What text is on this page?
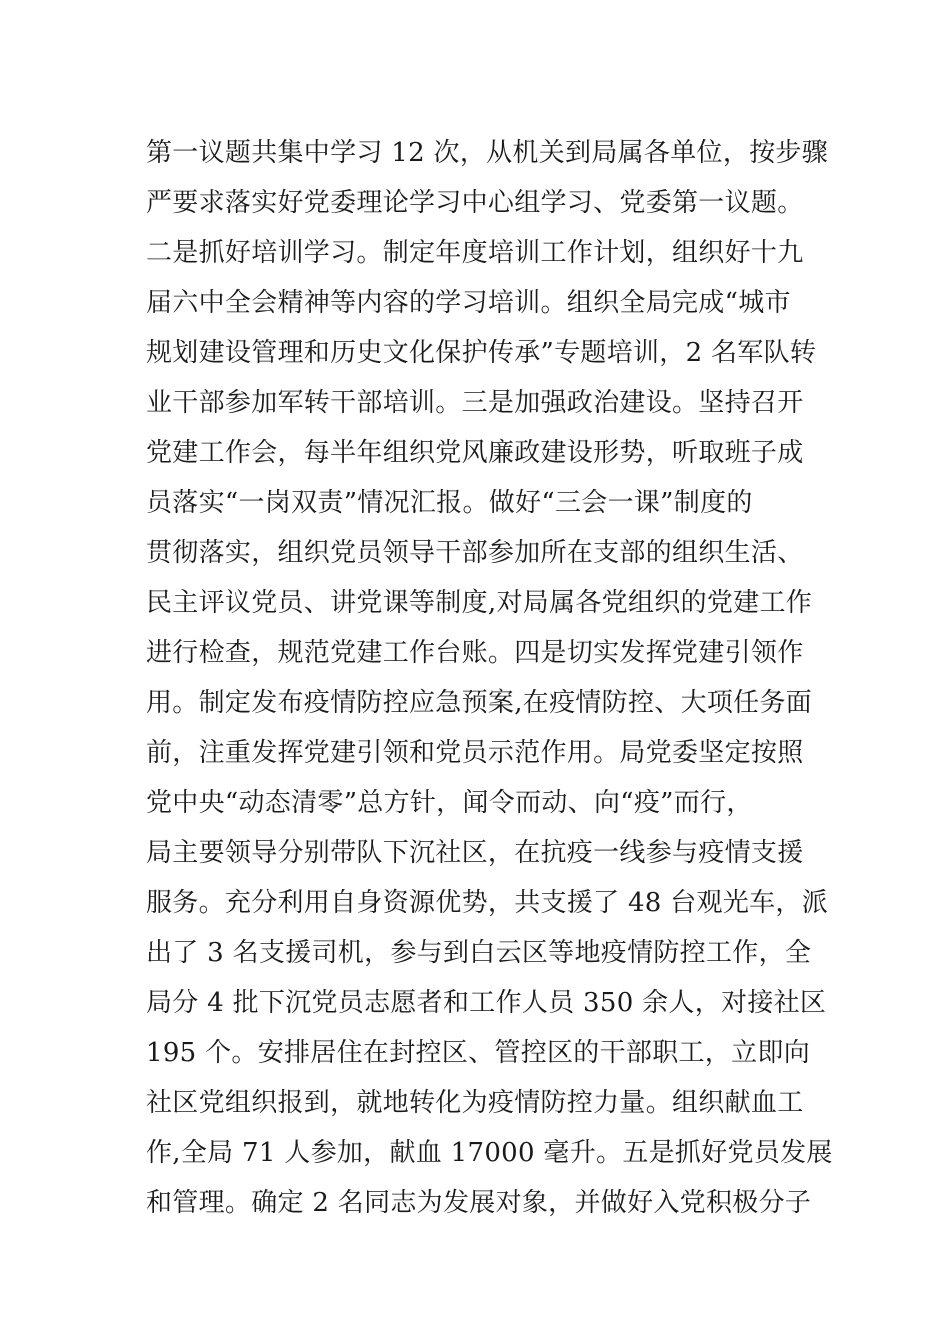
第一议题共集中学习 12 次，从机关到局属各单位，按步骤
严要求落实好党委理论学习中心组学习、党委第一议题。
二是抓好培训学习。制定年度培训工作计划，组织好十九
届六中全会精神等内容的学习培训。组织全局完成“城市
规划建设管理和历史文化保护传承”专题培训，2 名军队转
业干部参加军转干部培训。三是加强政治建设。坚持召开
党建工作会，每半年组织党风廉政建设形势，听取班子成
员落实“一岗双责”情况汇报。做好“三会一课”制度的
贯彻落实，组织党员领导干部参加所在支部的组织生活、
民主评议党员、讲党课等制度,对局属各党组织的党建工作
进行检查，规范党建工作台账。四是切实发挥党建引领作
用。制定发布疫情防控应急预案,在疫情防控、大项任务面
前，注重发挥党建引领和党员示范作用。局党委坚定按照
党中央“动态清零”总方针，闻令而动、向“疫”而行，
局主要领导分别带队下沉社区，在抗疫一线参与疫情支援
服务。充分利用自身资源优势，共支援了 48 台观光车，派
出了 3 名支援司机，参与到白云区等地疫情防控工作，全
局分 4 批下沉党员志愿者和工作人员 350 余人，对接社区
195 个。安排居住在封控区、管控区的干部职工，立即向
社区党组织报到，就地转化为疫情防控力量。组织献血工
作,全局 71 人参加，献血 17000 毫升。五是抓好党员发展
和管理。确定 2 名同志为发展对象，并做好入党积极分子
